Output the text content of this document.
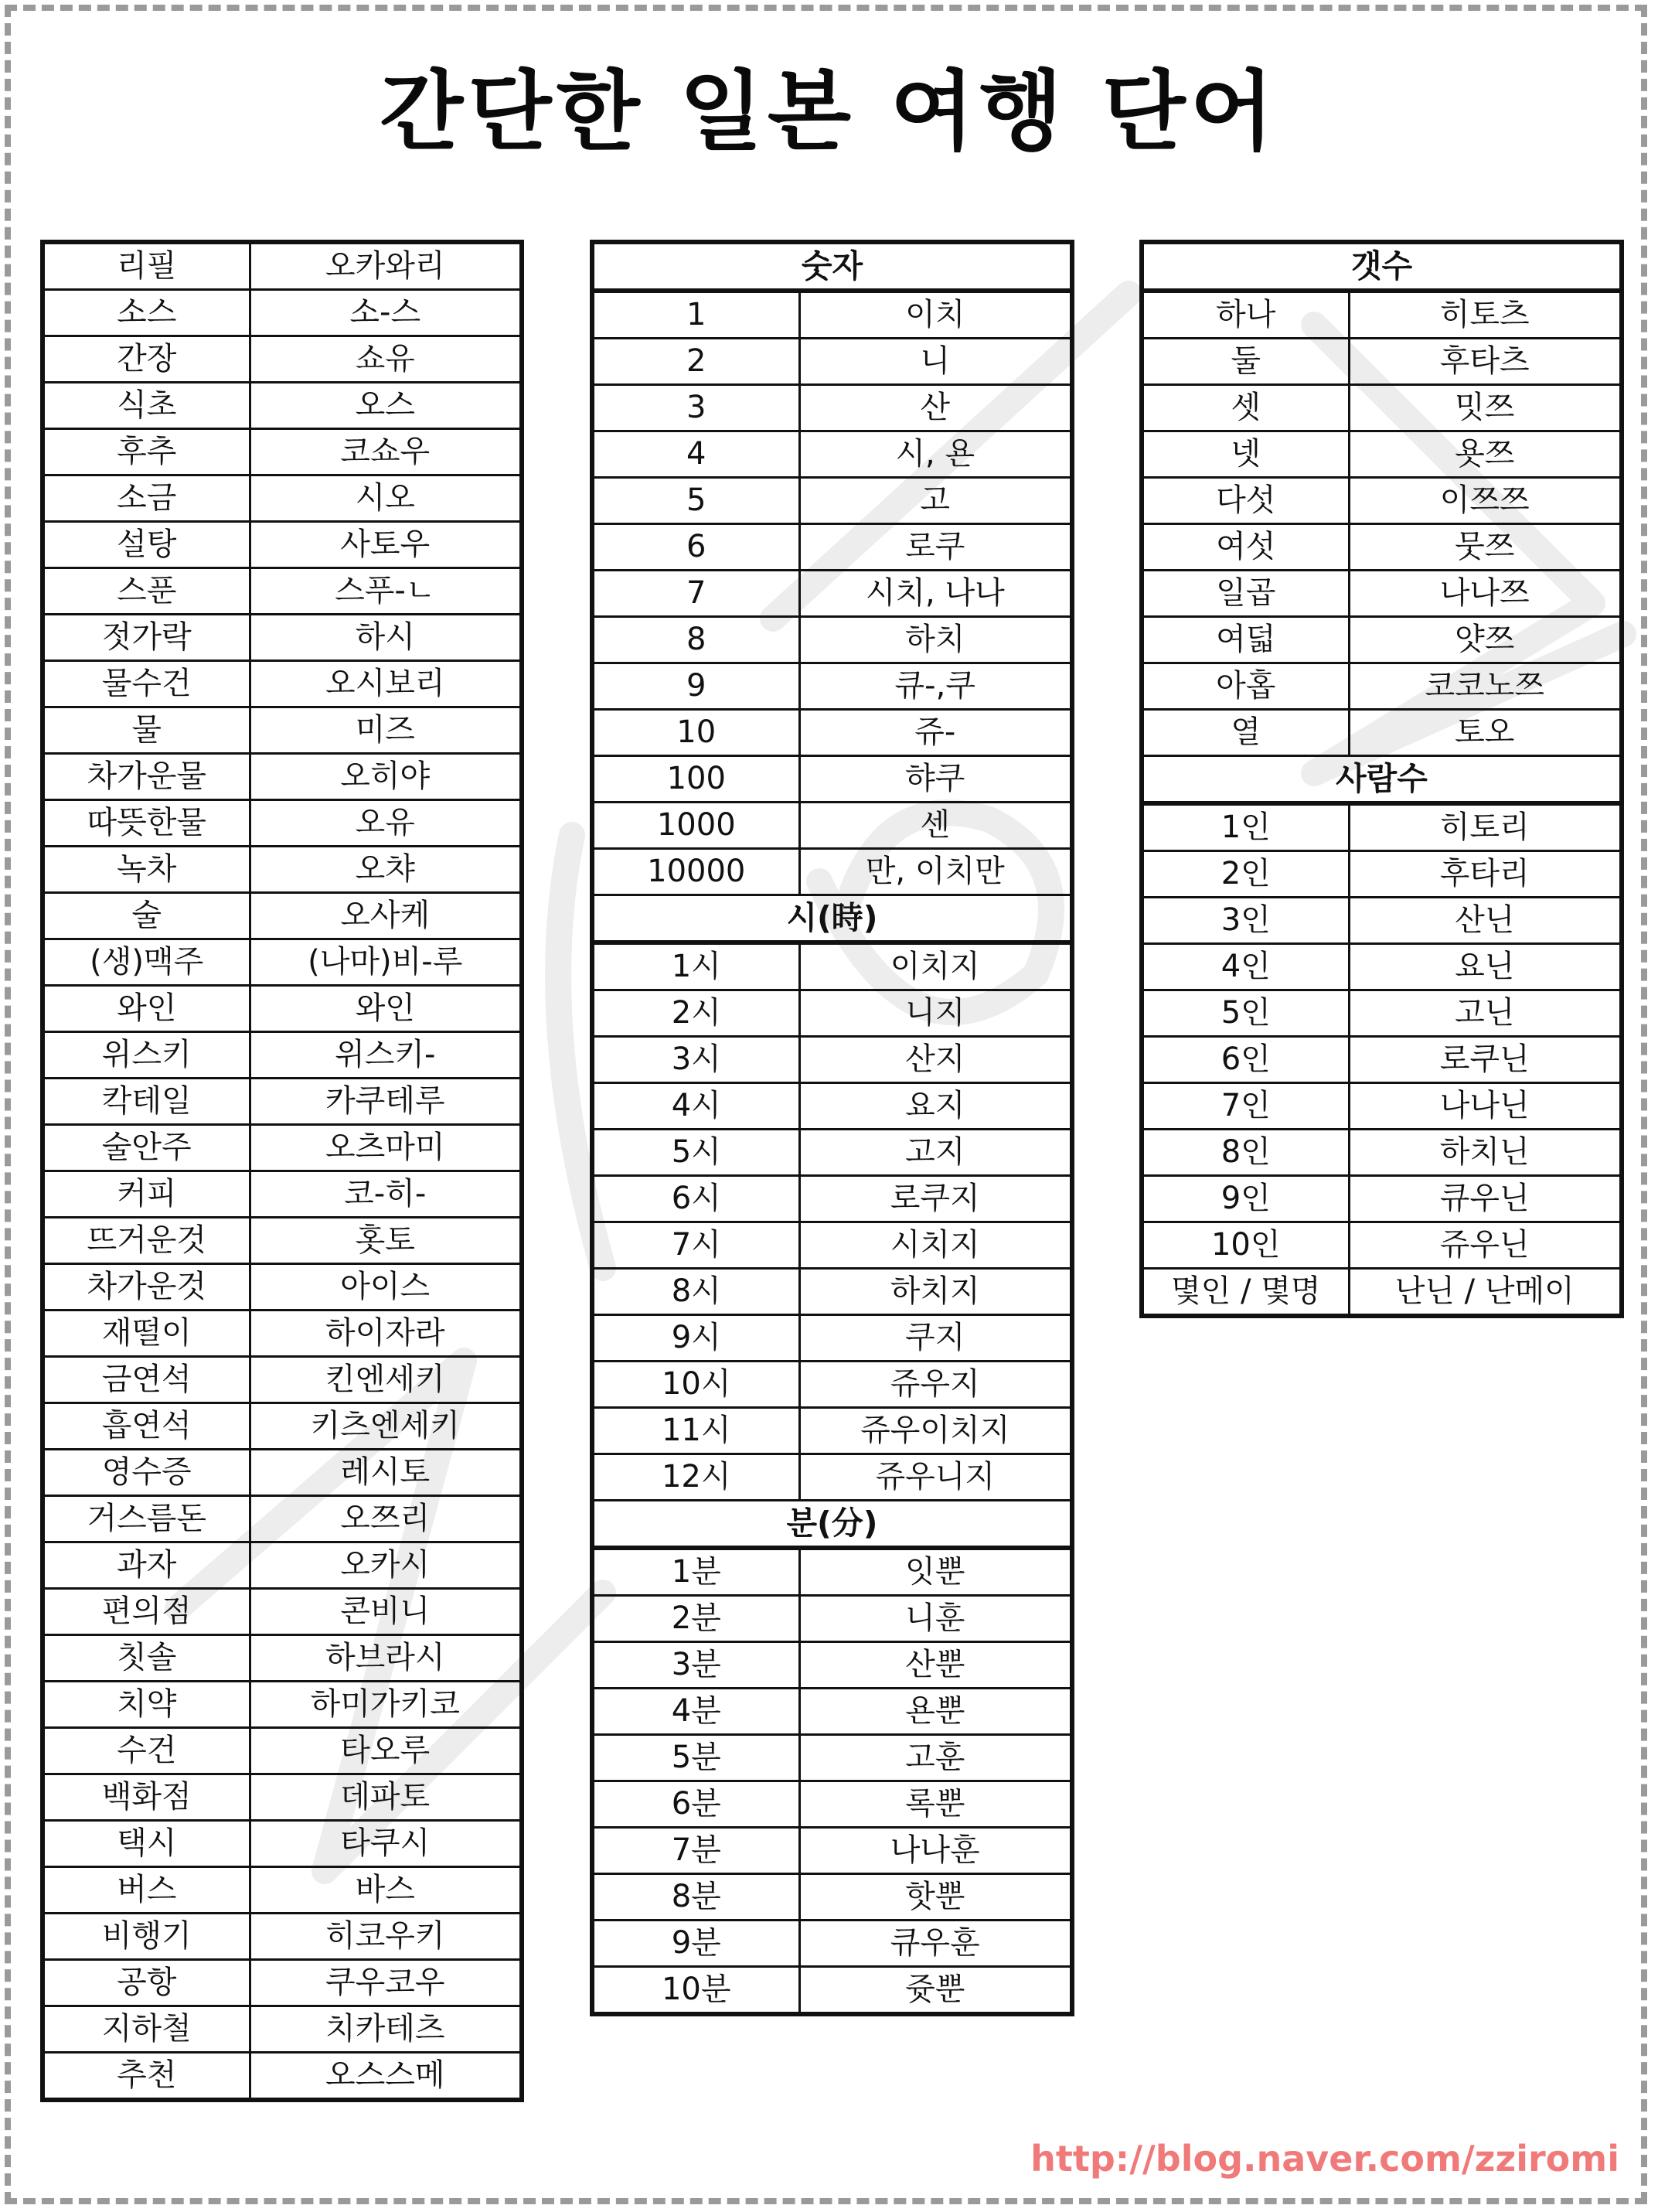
간단한 일본 여행 단어
리필	오카와리
소스	소-스
간장	쇼유
식초	오스
후추	코쇼우
소금	시오
설탕	사토우
스푼	스푸-ㄴ
젓가락	하시
물수건	오시보리
물	미즈
차가운물	오히야
따뜻한물	오유
녹차	오챠
술	오사케
(생)맥주	(나마)비-루
와인	와인
위스키	위스키-
칵테일	카쿠테루
술안주	오츠마미
커피	코-히-
뜨거운것	홋토
차가운것	아이스
재떨이	하이자라
금연석	킨엔세키
흡연석	키츠엔세키
영수증	레시토
거스름돈	오쯔리
과자	오카시
편의점	콘비니
칫솔	하브라시
치약	하미가키코
수건	타오루
백화점	데파토
택시	타쿠시
버스	바스
비행기	히코우키
공항	쿠우코우
지하철	치카테츠
추천	오스스메
숫자	
1	이치
2	니
3	산
4	시, 욘
5	고
6	로쿠
7	시치, 나나
8	하치
9	큐-,쿠
10	쥬-
100	햐쿠
1000	센
10000	만, 이치만
시(時)	
1시	이치지
2시	니지
3시	산지
4시	요지
5시	고지
6시	로쿠지
7시	시치지
8시	하치지
9시	쿠지
10시	쥬우지
11시	쥬우이치지
12시	쥬우니지
분(分)	
1분	잇뿐
2분	니훈
3분	산뿐
4분	욘뿐
5분	고훈
6분	록뿐
7분	나나훈
8분	핫뿐
9분	큐우훈
10분	쥿뿐
갯수	
하나	히토츠
둘	후타츠
셋	밋쯔
넷	욧쯔
다섯	이쯔쯔
여섯	뭇쯔
일곱	나나쯔
여덟	얏쯔
아홉	코코노쯔
열	토오
사람수	
1인	히토리
2인	후타리
3인	산닌
4인	요닌
5인	고닌
6인	로쿠닌
7인	나나닌
8인	하치닌
9인	큐우닌
10인	쥬우닌
몇인 / 몇명	난닌 / 난메이
http://blog.naver.com/zziromi
